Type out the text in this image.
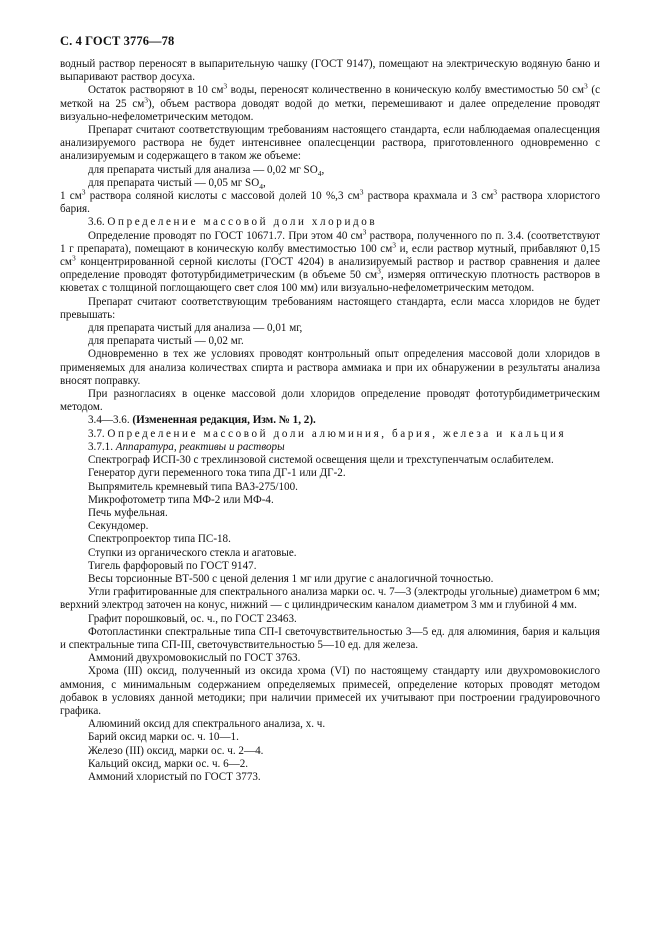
С. 4 ГОСТ 3776—78

водный раствор переносят в выпарительную чашку (ГОСТ 9147), помещают на электрическую водяную баню и выпаривают раствор досуха.

Остаток растворяют в 10 $см^3$ воды, переносят количественно в коническую колбу вместимостью 50 $см^3$ (с меткой на 25 $см^3$), объем раствора доводят водой до метки, перемешивают и далее определение проводят визуально-нефелометрическим методом.

Препарат считают соответствующим требованиям настоящего стандарта, если наблюдаемая опалесценция анализируемого раствора не будет интенсивнее опалесценции раствора, приготовленного одновременно с анализируемым и содержащего в таком же объеме:

для препарата чистый для анализа — 0,02 мг $SO_4$,

для препарата чистый — 0,05 мг $SO_4$,

1 $см^3$ раствора соляной кислоты с массовой долей 10 %,3 $см^3$ раствора крахмала и 3 $см^3$ раствора хлористого бария.

3.6. Определение массовой доли хлоридов

Определение проводят по ГОСТ 10671.7. При этом 40 $см^3$ раствора, полученного по п. 3.4. (соответствуют 1 г препарата), помещают в коническую колбу вместимостью 100 $см^3$ и, если раствор мутный, прибавляют 0,15 $см^3$ концентрированной серной кислоты (ГОСТ 4204) в анализируемый раствор и раствор сравнения и далее определение проводят фототурбидиметрическим (в объеме 50 $см^3$, измеряя оптическую плотность растворов в кюветах с толщиной поглощающего свет слоя 100 мм) или визуально-нефелометрическим методом.

Препарат считают соответствующим требованиям настоящего стандарта, если масса хлоридов не будет превышать:

для препарата чистый для анализа — 0,01 мг,

для препарата чистый — 0,02 мг.

Одновременно в тех же условиях проводят контрольный опыт определения массовой доли хлоридов в применяемых для анализа количествах спирта и раствора аммиака и при их обнаружении в результаты анализа вносят поправку.

При разногласиях в оценке массовой доли хлоридов определение проводят фототурбидиметрическим методом.

3.4—3.6. (Измененная редакция, Изм. № 1, 2).

3.7. Определение массовой доли алюминия, бария, железа и кальция

3.7.1. Аппаратура, реактивы и растворы

Спектрограф ИСП-30 с трехлинзовой системой освещения щели и трехступенчатым ослабителем.

Генератор дуги переменного тока типа ДГ-1 или ДГ-2.

Выпрямитель кремневый типа ВАЗ-275/100.

Микрофотометр типа МФ-2 или МФ-4.

Печь муфельная.

Секундомер.

Спектропроектор типа ПС-18.

Ступки из органического стекла и агатовые.

Тигель фарфоровый по ГОСТ 9147.

Весы торсионные ВТ-500 с ценой деления 1 мг или другие с аналогичной точностью.

Угли графитированные для спектрального анализа марки ос. ч. 7—3 (электроды угольные) диаметром 6 мм; верхний электрод заточен на конус, нижний — с цилиндрическим каналом диаметром 3 мм и глубиной 4 мм.

Графит порошковый, ос. ч., по ГОСТ 23463.

Фотопластинки спектральные типа СП-I светочувствительностью 3—5 ед. для алюминия, бария и кальция и спектральные типа СП-III, светочувствительностью 5—10 ед. для железа.

Аммоний двухромовокислый по ГОСТ 3763.

Хрома (III) оксид, полученный из оксида хрома (VI) по настоящему стандарту или двухромовокислого аммония, с минимальным содержанием определяемых примесей, определение которых проводят методом добавок в условиях данной методики; при наличии примесей их учитывают при построении градуировочного графика.

Алюминий оксид для спектрального анализа, х. ч.

Барий оксид марки ос. ч. 10—1.

Железо (III) оксид, марки ос. ч. 2—4.

Кальций оксид, марки ос. ч. 6—2.

Аммоний хлористый по ГОСТ 3773.
